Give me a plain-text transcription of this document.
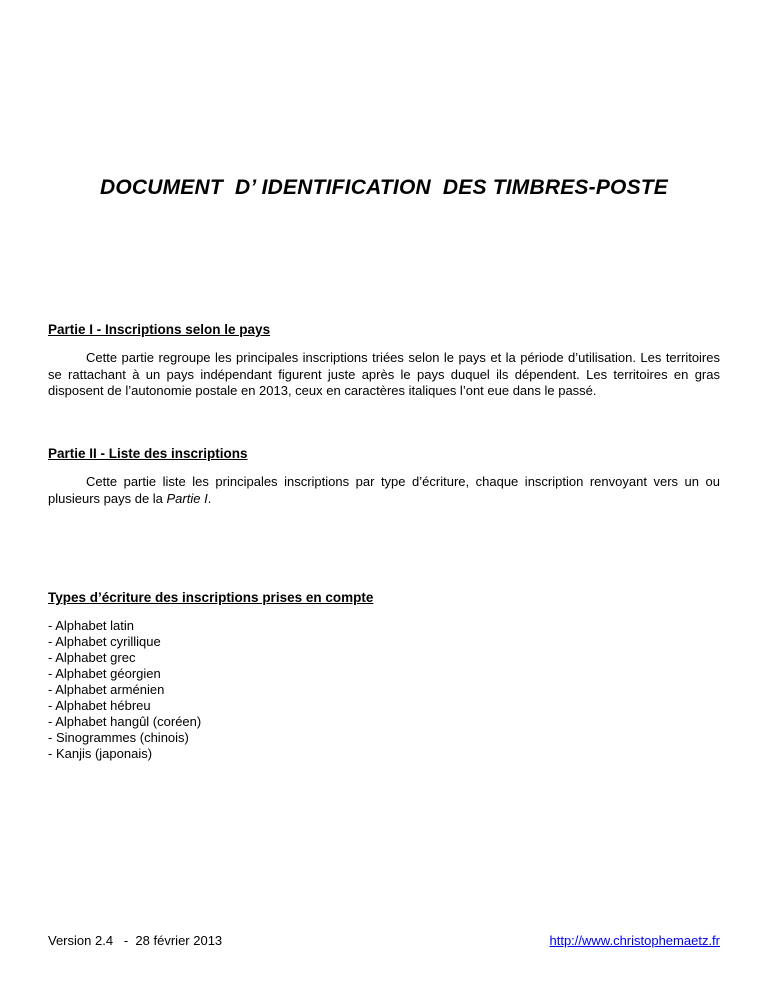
DOCUMENT  D’ IDENTIFICATION  DES TIMBRES-POSTE
Partie I - Inscriptions selon le pays

Cette partie regroupe les principales inscriptions triées selon le pays et la période d’utilisation. Les territoires se rattachant à un pays indépendant figurent juste après le pays duquel ils dépendent. Les territoires en gras disposent de l’autonomie postale en 2013, ceux en caractères italiques l’ont eue dans le passé.

Partie II - Liste des inscriptions

Cette partie liste les principales inscriptions par type d’écriture, chaque inscription renvoyant vers un ou plusieurs pays de la Partie I.

Types d’écriture des inscriptions prises en compte
- Alphabet latin
- Alphabet cyrillique
- Alphabet grec
- Alphabet géorgien
- Alphabet arménien
- Alphabet hébreu
- Alphabet hangûl (coréen)
- Sinogrammes (chinois)
- Kanjis (japonais)
Version 2.4   -  28 février 2013	http://www.christophemaetz.fr
